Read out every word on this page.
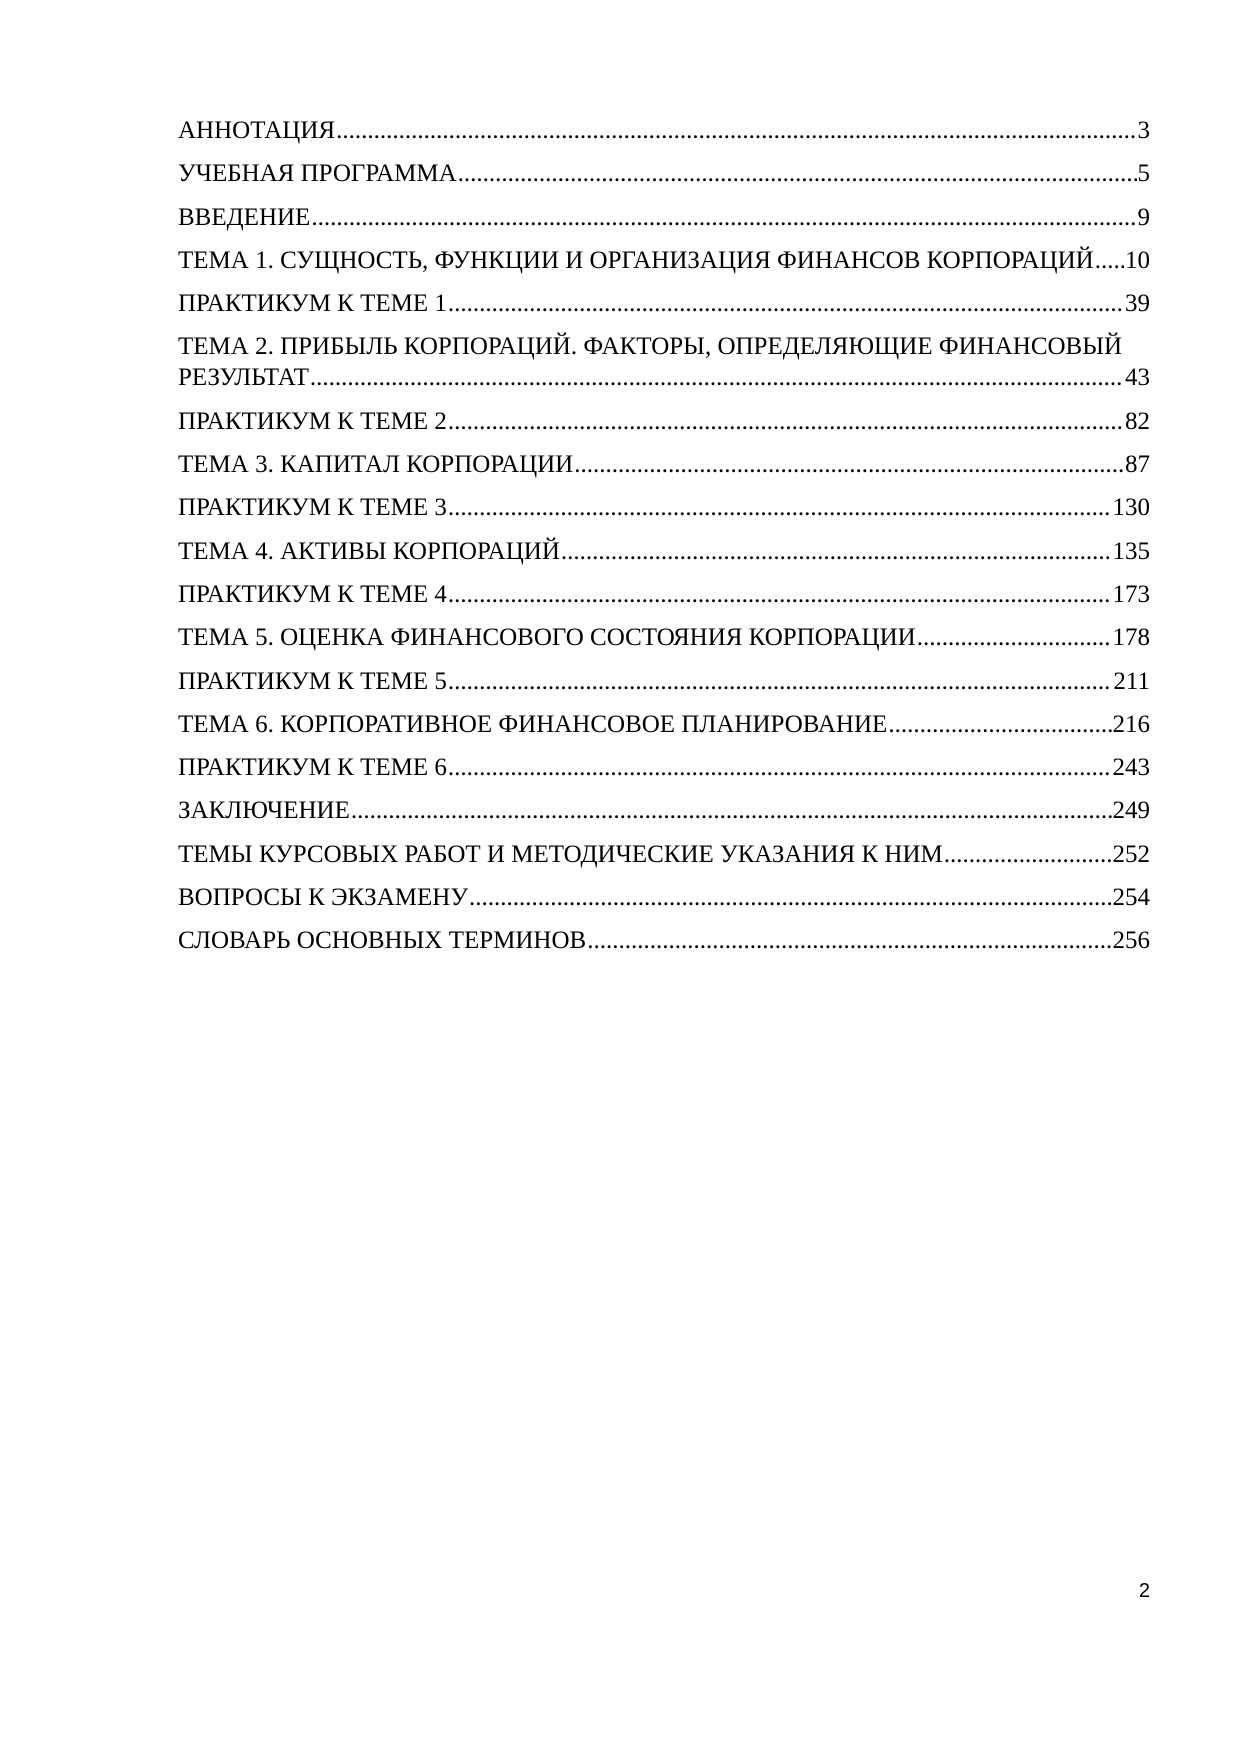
АННОТАЦИЯ .....	3
УЧЕБНАЯ ПРОГРАММА .....	5
ВВЕДЕНИЕ .....	9
ТЕМА 1. СУЩНОСТЬ, ФУНКЦИИ И ОРГАНИЗАЦИЯ ФИНАНСОВ КОРПОРАЦИЙ ..... 10
ПРАКТИКУМ К ТЕМЕ 1 .....	39
ТЕМА 2. ПРИБЫЛЬ КОРПОРАЦИЙ. ФАКТОРЫ, ОПРЕДЕЛЯЮЩИЕ ФИНАНСОВЫЙ
РЕЗУЛЬТАТ .....	43
ПРАКТИКУМ К ТЕМЕ 2 .....	82
ТЕМА 3. КАПИТАЛ КОРПОРАЦИИ .....	87
ПРАКТИКУМ К ТЕМЕ 3 .....	130
ТЕМА 4. АКТИВЫ КОРПОРАЦИЙ .....	135
ПРАКТИКУМ К ТЕМЕ 4 .....	173
ТЕМА 5. ОЦЕНКА ФИНАНСОВОГО СОСТОЯНИЯ КОРПОРАЦИИ .....	178
ПРАКТИКУМ К ТЕМЕ 5 .....	211
ТЕМА 6. КОРПОРАТИВНОЕ ФИНАНСОВОЕ ПЛАНИРОВАНИЕ .....	216
ПРАКТИКУМ К ТЕМЕ 6 .....	243
ЗАКЛЮЧЕНИЕ .....	249
ТЕМЫ КУРСОВЫХ РАБОТ И МЕТОДИЧЕСКИЕ УКАЗАНИЯ К НИМ .....	252
ВОПРОСЫ К ЭКЗАМЕНУ .....	254
СЛОВАРЬ ОСНОВНЫХ ТЕРМИНОВ .....	256
2
